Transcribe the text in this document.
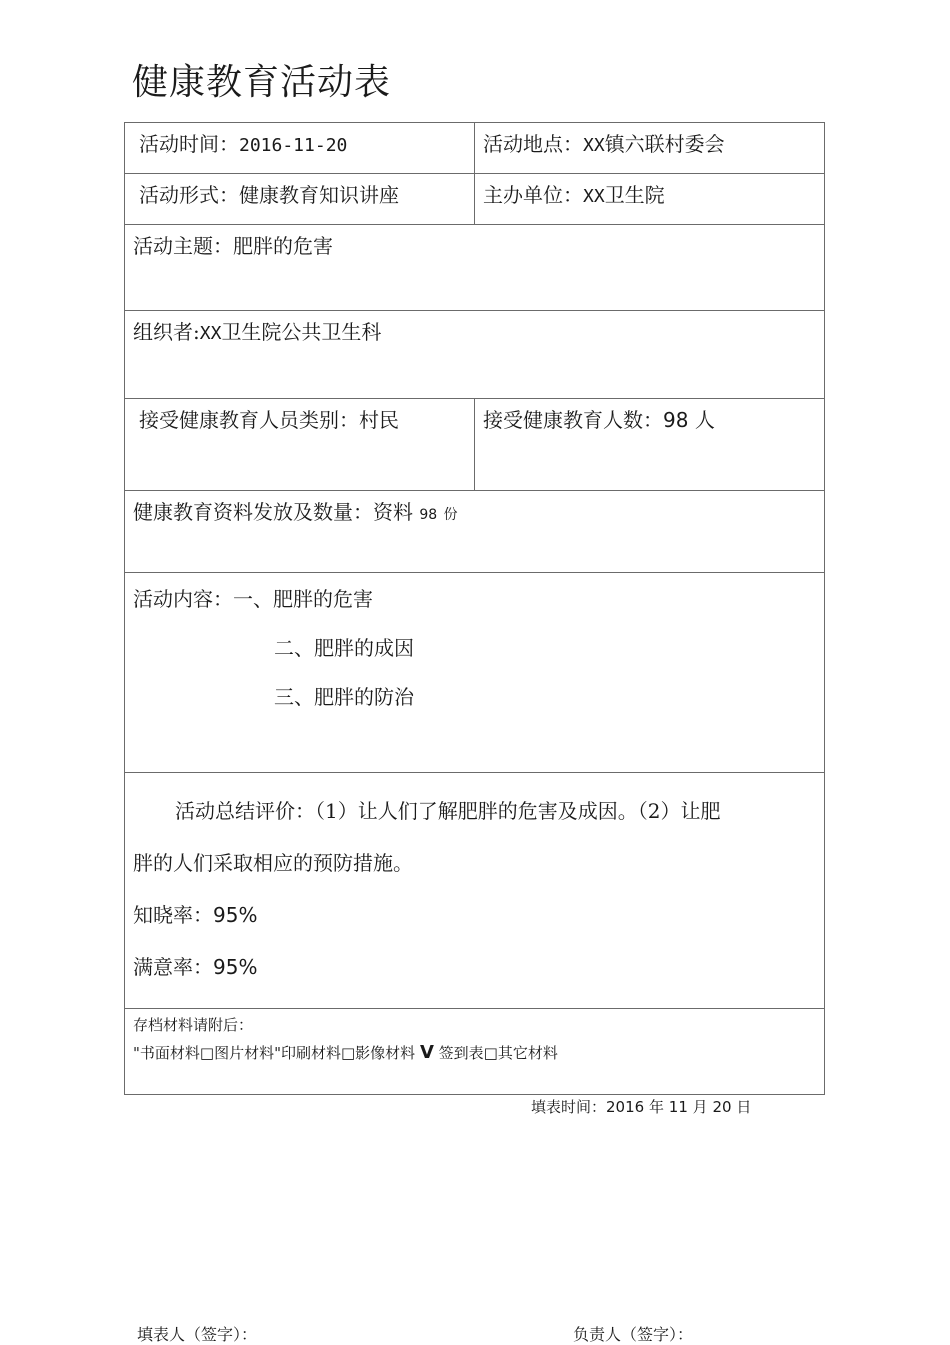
健康教育活动表
活动时间：2016-11-20	活动地点：XX镇六联村委会

活动形式：健康教育知识讲座	主办单位：XX卫生院

活动主题：肥胖的危害	

组织者:XX卫生院公共卫生科	

接受健康教育人员类别：村民	接受健康教育人数：98 人

健康教育资料发放及数量：资料 98 份	

活动内容：一、肥胖的危害
二、肥胖的成因
三、肥胖的防治	

活动总结评价：（1）让人们了解肥胖的危害及成因。（2）让肥
胖的人们采取相应的预防措施。
知晓率：95%
满意率：95%	

存档材料请附后：
"书面材料□图片材料"印刷材料□影像材料 V 签到表□其它材料	
填表时间：2016 年 11 月 20 日
填表人（签字）：	负责人（签字）：
